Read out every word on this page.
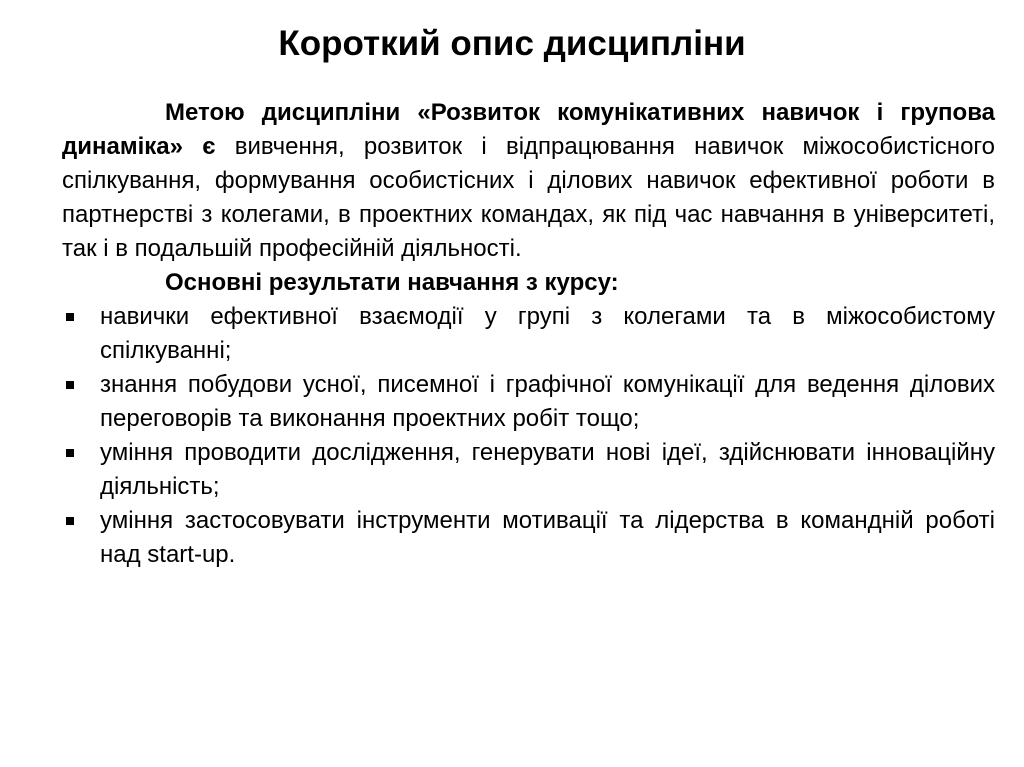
Короткий опис дисципліни

Метою дисципліни «Розвиток комунікативних навичок і групова динаміка» є вивчення, розвиток і відпрацювання навичок міжособистісного спілкування, формування особистісних і ділових навичок ефективної роботи в партнерстві з колегами, в проектних командах, як під час навчання в університеті, так і в подальшій професійній діяльності.

Основні результати навчання з курсу:

навички ефективної взаємодії у групі з колегами та в міжособистому спілкуванні;
знання побудови усної, писемної і графічної комунікації для ведення ділових переговорів та виконання проектних робіт тощо;
уміння проводити дослідження, генерувати нові ідеї, здійснювати інноваційну діяльність;
уміння застосовувати інструменти мотивації та лідерства в командній роботі над start-up.
